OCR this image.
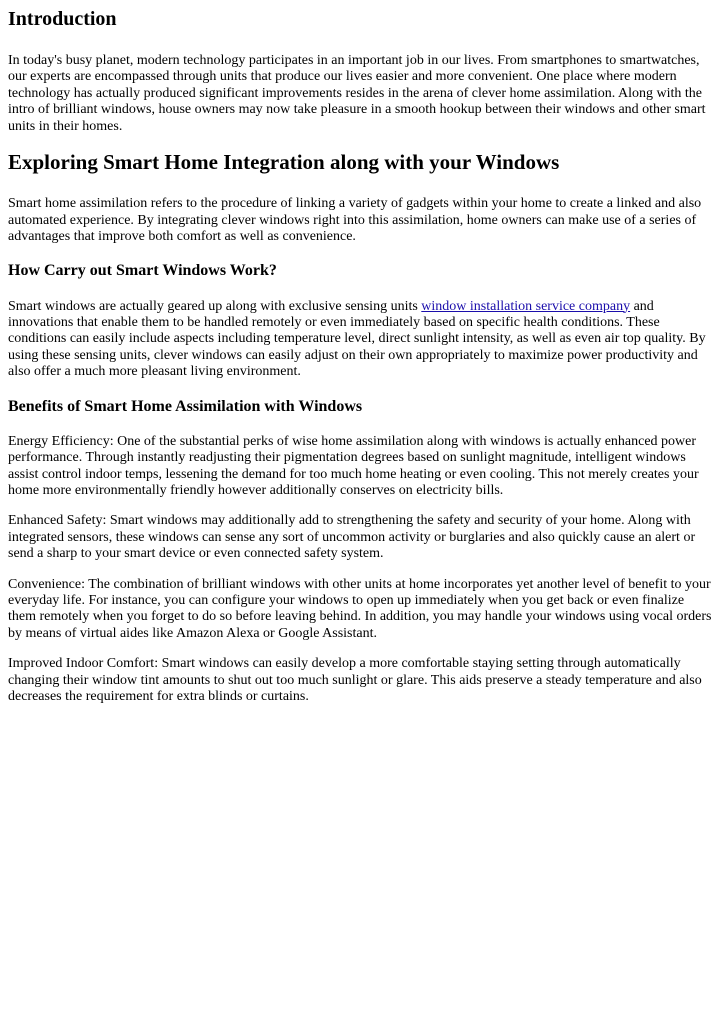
Introduction

In today's busy planet, modern technology participates in an important job in our lives. From smartphones to smartwatches, our experts are encompassed through units that produce our lives easier and more convenient. One place where modern technology has actually produced significant improvements resides in the arena of clever home assimilation. Along with the intro of brilliant windows, house owners may now take pleasure in a smooth hookup between their windows and other smart units in their homes.

Exploring Smart Home Integration along with your Windows

Smart home assimilation refers to the procedure of linking a variety of gadgets within your home to create a linked and also automated experience. By integrating clever windows right into this assimilation, home owners can make use of a series of advantages that improve both comfort as well as convenience.

How Carry out Smart Windows Work?

Smart windows are actually geared up along with exclusive sensing units window installation service company and innovations that enable them to be handled remotely or even immediately based on specific health conditions. These conditions can easily include aspects including temperature level, direct sunlight intensity, as well as even air top quality. By using these sensing units, clever windows can easily adjust on their own appropriately to maximize power productivity and also offer a much more pleasant living environment.

Benefits of Smart Home Assimilation with Windows

Energy Efficiency: One of the substantial perks of wise home assimilation along with windows is actually enhanced power performance. Through instantly readjusting their pigmentation degrees based on sunlight magnitude, intelligent windows assist control indoor temps, lessening the demand for too much home heating or even cooling. This not merely creates your home more environmentally friendly however additionally conserves on electricity bills.

Enhanced Safety: Smart windows may additionally add to strengthening the safety and security of your home. Along with integrated sensors, these windows can sense any sort of uncommon activity or burglaries and also quickly cause an alert or send a sharp to your smart device or even connected safety system.

Convenience: The combination of brilliant windows with other units at home incorporates yet another level of benefit to your everyday life. For instance, you can configure your windows to open up immediately when you get back or even finalize them remotely when you forget to do so before leaving behind. In addition, you may handle your windows using vocal orders by means of virtual aides like Amazon Alexa or Google Assistant.

Improved Indoor Comfort: Smart windows can easily develop a more comfortable staying setting through automatically changing their window tint amounts to shut out too much sunlight or glare. This aids preserve a steady temperature and also decreases the requirement for extra blinds or curtains.
